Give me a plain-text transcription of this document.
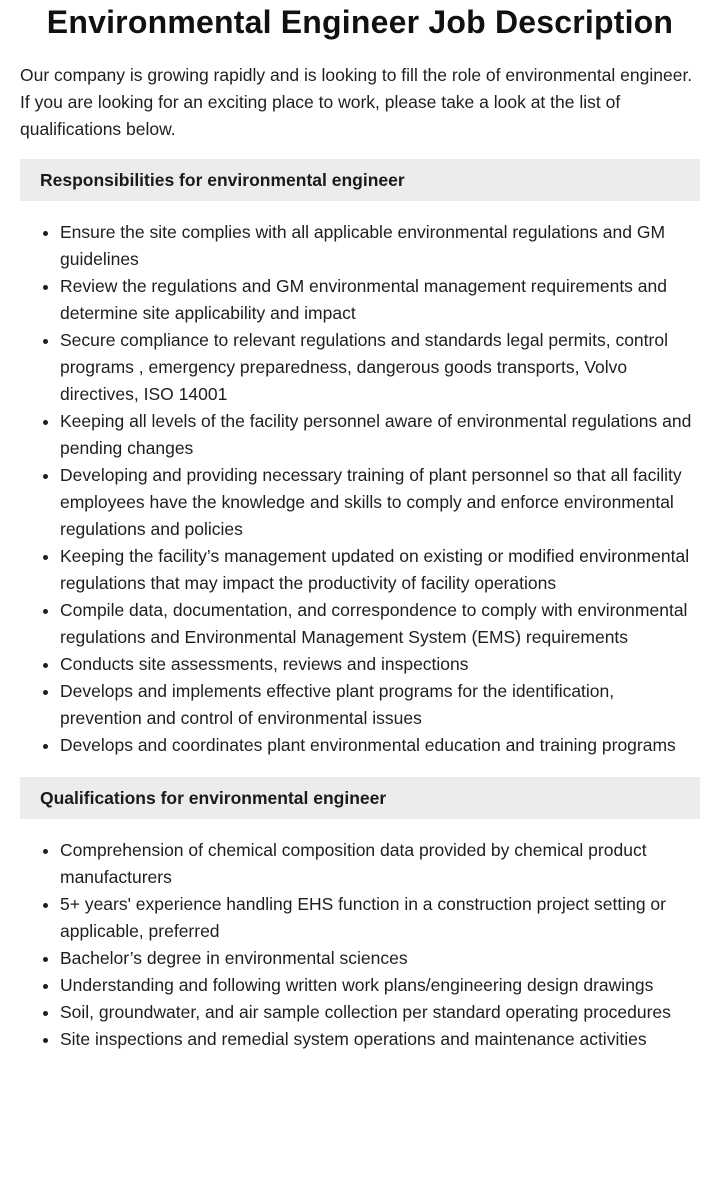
Environmental Engineer Job Description

Our company is growing rapidly and is looking to fill the role of environmental engineer. If you are looking for an exciting place to work, please take a look at the list of qualifications below.

Responsibilities for environmental engineer
• Ensure the site complies with all applicable environmental regulations and GM guidelines
• Review the regulations and GM environmental management requirements and determine site applicability and impact
• Secure compliance to relevant regulations and standards legal permits, control programs , emergency preparedness, dangerous goods transports, Volvo directives, ISO 14001
• Keeping all levels of the facility personnel aware of environmental regulations and pending changes
• Developing and providing necessary training of plant personnel so that all facility employees have the knowledge and skills to comply and enforce environmental regulations and policies
• Keeping the facility’s management updated on existing or modified environmental regulations that may impact the productivity of facility operations
• Compile data, documentation, and correspondence to comply with environmental regulations and Environmental Management System (EMS) requirements
• Conducts site assessments, reviews and inspections
• Develops and implements effective plant programs for the identification, prevention and control of environmental issues
• Develops and coordinates plant environmental education and training programs
Qualifications for environmental engineer
• Comprehension of chemical composition data provided by chemical product manufacturers
• 5+ years' experience handling EHS function in a construction project setting or applicable, preferred
• Bachelor’s degree in environmental sciences
• Understanding and following written work plans/engineering design drawings
• Soil, groundwater, and air sample collection per standard operating procedures
• Site inspections and remedial system operations and maintenance activities
